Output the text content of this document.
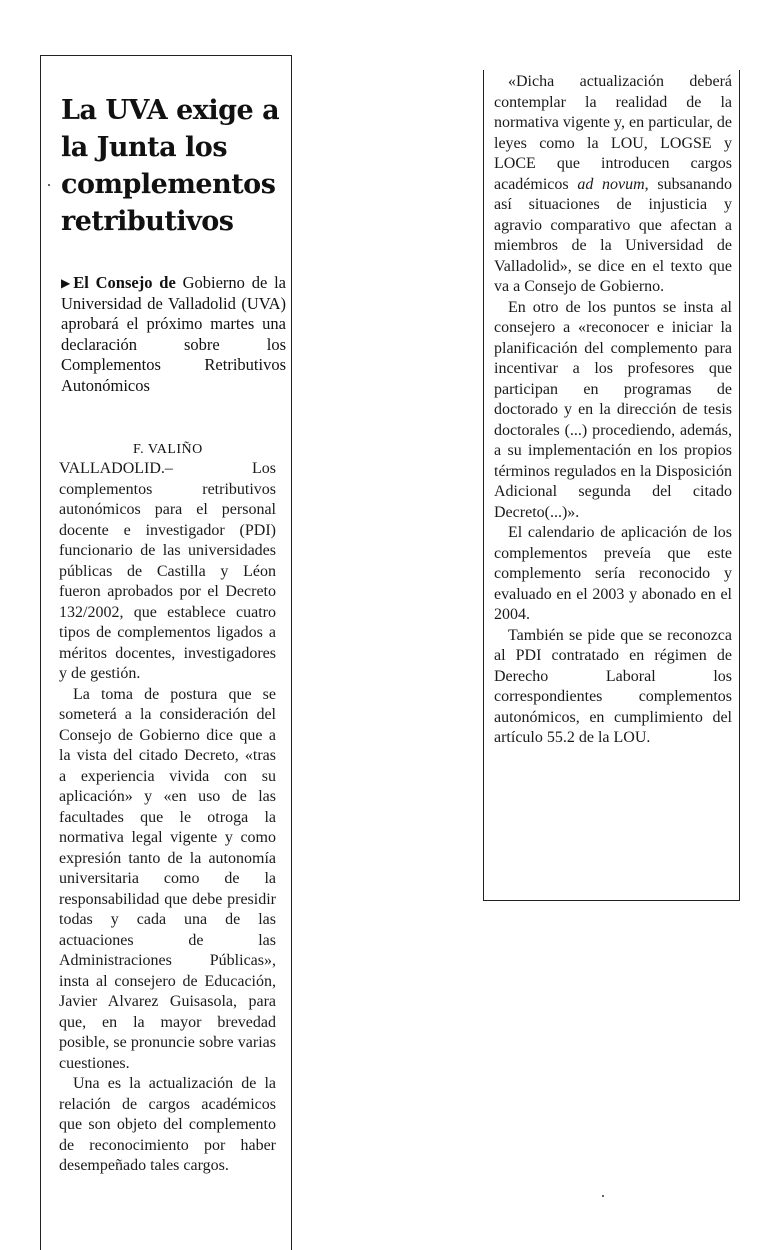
La UVA exige a la Junta los complementos retributivos

▶ El Consejo de Gobierno de la Universidad de Valladolid (UVA) aprobará el próximo martes una declaración sobre los Complementos Retributivos Autonómicos

F. VALIÑO

VALLADOLID.– Los complementos retributivos autonómicos para el personal docente e investigador (PDI) funcionario de las universidades públicas de Castilla y Léon fueron aprobados por el Decreto 132/2002, que establece cuatro tipos de complementos ligados a méritos docentes, investigadores y de gestión.

La toma de postura que se someterá a la consideración del Consejo de Gobierno dice que a la vista del citado Decreto, «tras a experiencia vivida con su aplicación» y «en uso de las facultades que le otroga la normativa legal vigente y como expresión tanto de la autonomía universitaria como de la responsabilidad que debe presidir todas y cada una de las actuaciones de las Administraciones Públicas», insta al consejero de Educación, Javier Alvarez Guisasola, para que, en la mayor brevedad posible, se pronuncie sobre varias cuestiones.

Una es la actualización de la relación de cargos académicos que son objeto del complemento de reconocimiento por haber desempeñado tales cargos.

«Dicha actualización deberá contemplar la realidad de la normativa vigente y, en particular, de leyes como la LOU, LOGSE y LOCE que introducen cargos académicos ad novum, subsanando así situaciones de injusticia y agravio comparativo que afectan a miembros de la Universidad de Valladolid», se dice en el texto que va a Consejo de Gobierno.

En otro de los puntos se insta al consejero a «reconocer e iniciar la planificación del complemento para incentivar a los profesores que participan en programas de doctorado y en la dirección de tesis doctorales (...) procediendo, además, a su implementación en los propios términos regulados en la Disposición Adicional segunda del citado Decreto(...)».

El calendario de aplicación de los complementos preveía que este complemento sería reconocido y evaluado en el 2003 y abonado en el 2004.

También se pide que se reconozca al PDI contratado en régimen de Derecho Laboral los correspondientes complementos autonómicos, en cumplimiento del artículo 55.2 de la LOU.
